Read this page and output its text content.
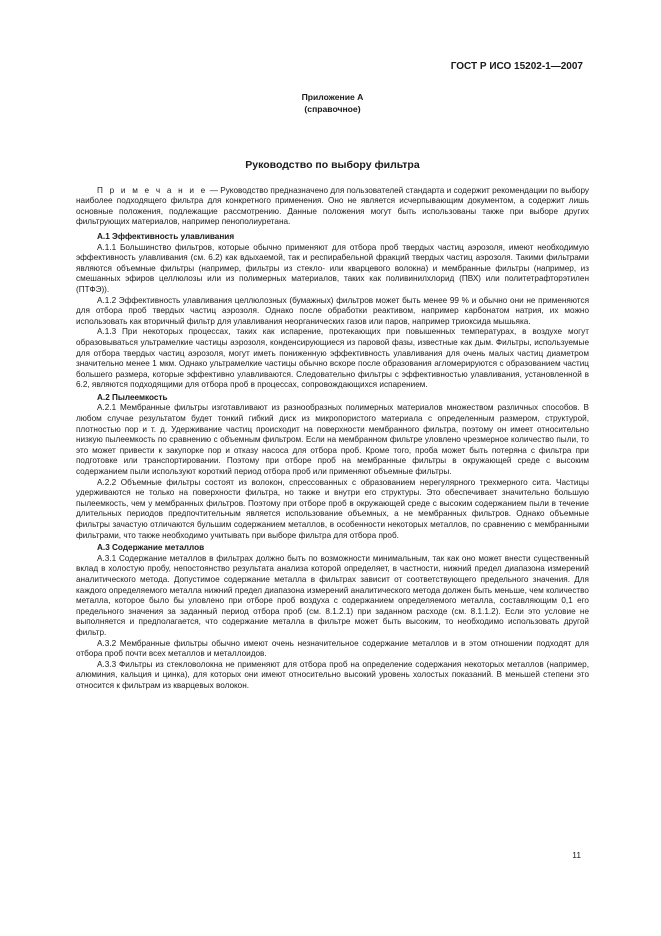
ГОСТ Р ИСО 15202-1—2007
Приложение А
(справочное)
Руководство по выбору фильтра

П р и м е ч а н и е — Руководство предназначено для пользователей стандарта и содержит рекомендации по выбору наиболее подходящего фильтра для конкретного применения. Оно не является исчерпывающим документом, а содержит лишь основные положения, подлежащие рассмотрению. Данные положения могут быть использованы также при выборе других фильтрующих материалов, например пенополиуретана.

А.1 Эффективность улавливания

А.1.1 Большинство фильтров, которые обычно применяют для отбора проб твердых частиц аэрозоля, имеют необходимую эффективность улавливания (см. 6.2) как вдыхаемой, так и респирабельной фракций твердых частиц аэрозоля. Такими фильтрами являются объемные фильтры (например, фильтры из стекло- или кварцевого волокна) и мембранные фильтры (например, из смешанных эфиров целлюлозы или из полимерных материалов, таких как поливинилхлорид (ПВХ) или политетрафторэтилен (ПТФЭ)).

А.1.2 Эффективность улавливания целлюлозных (бумажных) фильтров может быть менее 99 % и обычно они не применяются для отбора проб твердых частиц аэрозоля. Однако после обработки реактивом, например карбонатом натрия, их можно использовать как вторичный фильтр для улавливания неорганических газов или паров, например триоксида мышьяка.

А.1.3 При некоторых процессах, таких как испарение, протекающих при повышенных температурах, в воздухе могут образовываться ультрамелкие частицы аэрозоля, конденсирующиеся из паровой фазы, известные как дым. Фильтры, используемые для отбора твердых частиц аэрозоля, могут иметь пониженную эффективность улавливания для очень малых частиц диаметром значительно менее 1 мкм. Однако ультрамелкие частицы обычно вскоре после образования агломерируются с образованием частиц большего размера, которые эффективно улавливаются. Следовательно фильтры с эффективностью улавливания, установленной в 6.2, являются подходящими для отбора проб в процессах, сопровождающихся испарением.

А.2 Пылеемкость

А.2.1 Мембранные фильтры изготавливают из разнообразных полимерных материалов множеством различных способов. В любом случае результатом будет тонкий гибкий диск из микропористого материала с определенным размером, структурой, плотностью пор и т. д. Удерживание частиц происходит на поверхности мембранного фильтра, поэтому он имеет относительно низкую пылеемкость по сравнению с объемным фильтром. Если на мембранном фильтре уловлено чрезмерное количество пыли, то это может привести к закупорке пор и отказу насоса для отбора проб. Кроме того, проба может быть потеряна с фильтра при подготовке или транспортировании. Поэтому при отборе проб на мембранные фильтры в окружающей среде с высоким содержанием пыли используют короткий период отбора проб или применяют объемные фильтры.

А.2.2 Объемные фильтры состоят из волокон, спрессованных с образованием нерегулярного трехмерного сита. Частицы удерживаются не только на поверхности фильтра, но также и внутри его структуры. Это обеспечивает значительно большую пылеемкость, чем у мембранных фильтров. Поэтому при отборе проб в окружающей среде с высоким содержанием пыли в течение длительных периодов предпочтительным является использование объемных, а не мембранных фильтров. Однако объемные фильтры зачастую отличаются бульшим содержанием металлов, в особенности некоторых металлов, по сравнению с мембранными фильтрами, что также необходимо учитывать при выборе фильтра для отбора проб.

А.3 Содержание металлов

А.3.1 Содержание металлов в фильтрах должно быть по возможности минимальным, так как оно может внести существенный вклад в холостую пробу, непостоянство результата анализа которой определяет, в частности, нижний предел диапазона измерений аналитического метода. Допустимое содержание металла в фильтрах зависит от соответствующего предельного значения. Для каждого определяемого металла нижний предел диапазона измерений аналитического метода должен быть меньше, чем количество металла, которое было бы уловлено при отборе проб воздуха с содержанием определяемого металла, составляющим 0,1 его предельного значения за заданный период отбора проб (см. 8.1.2.1) при заданном расходе (см. 8.1.1.2). Если это условие не выполняется и предполагается, что содержание металла в фильтре может быть высоким, то необходимо использовать другой фильтр.

А.3.2 Мембранные фильтры обычно имеют очень незначительное содержание металлов и в этом отношении подходят для отбора проб почти всех металлов и металлоидов.

А.3.3 Фильтры из стекловолокна не применяют для отбора проб на определение содержания некоторых металлов (например, алюминия, кальция и цинка), для которых они имеют относительно высокий уровень холостых показаний. В меньшей степени это относится к фильтрам из кварцевых волокон.

11
